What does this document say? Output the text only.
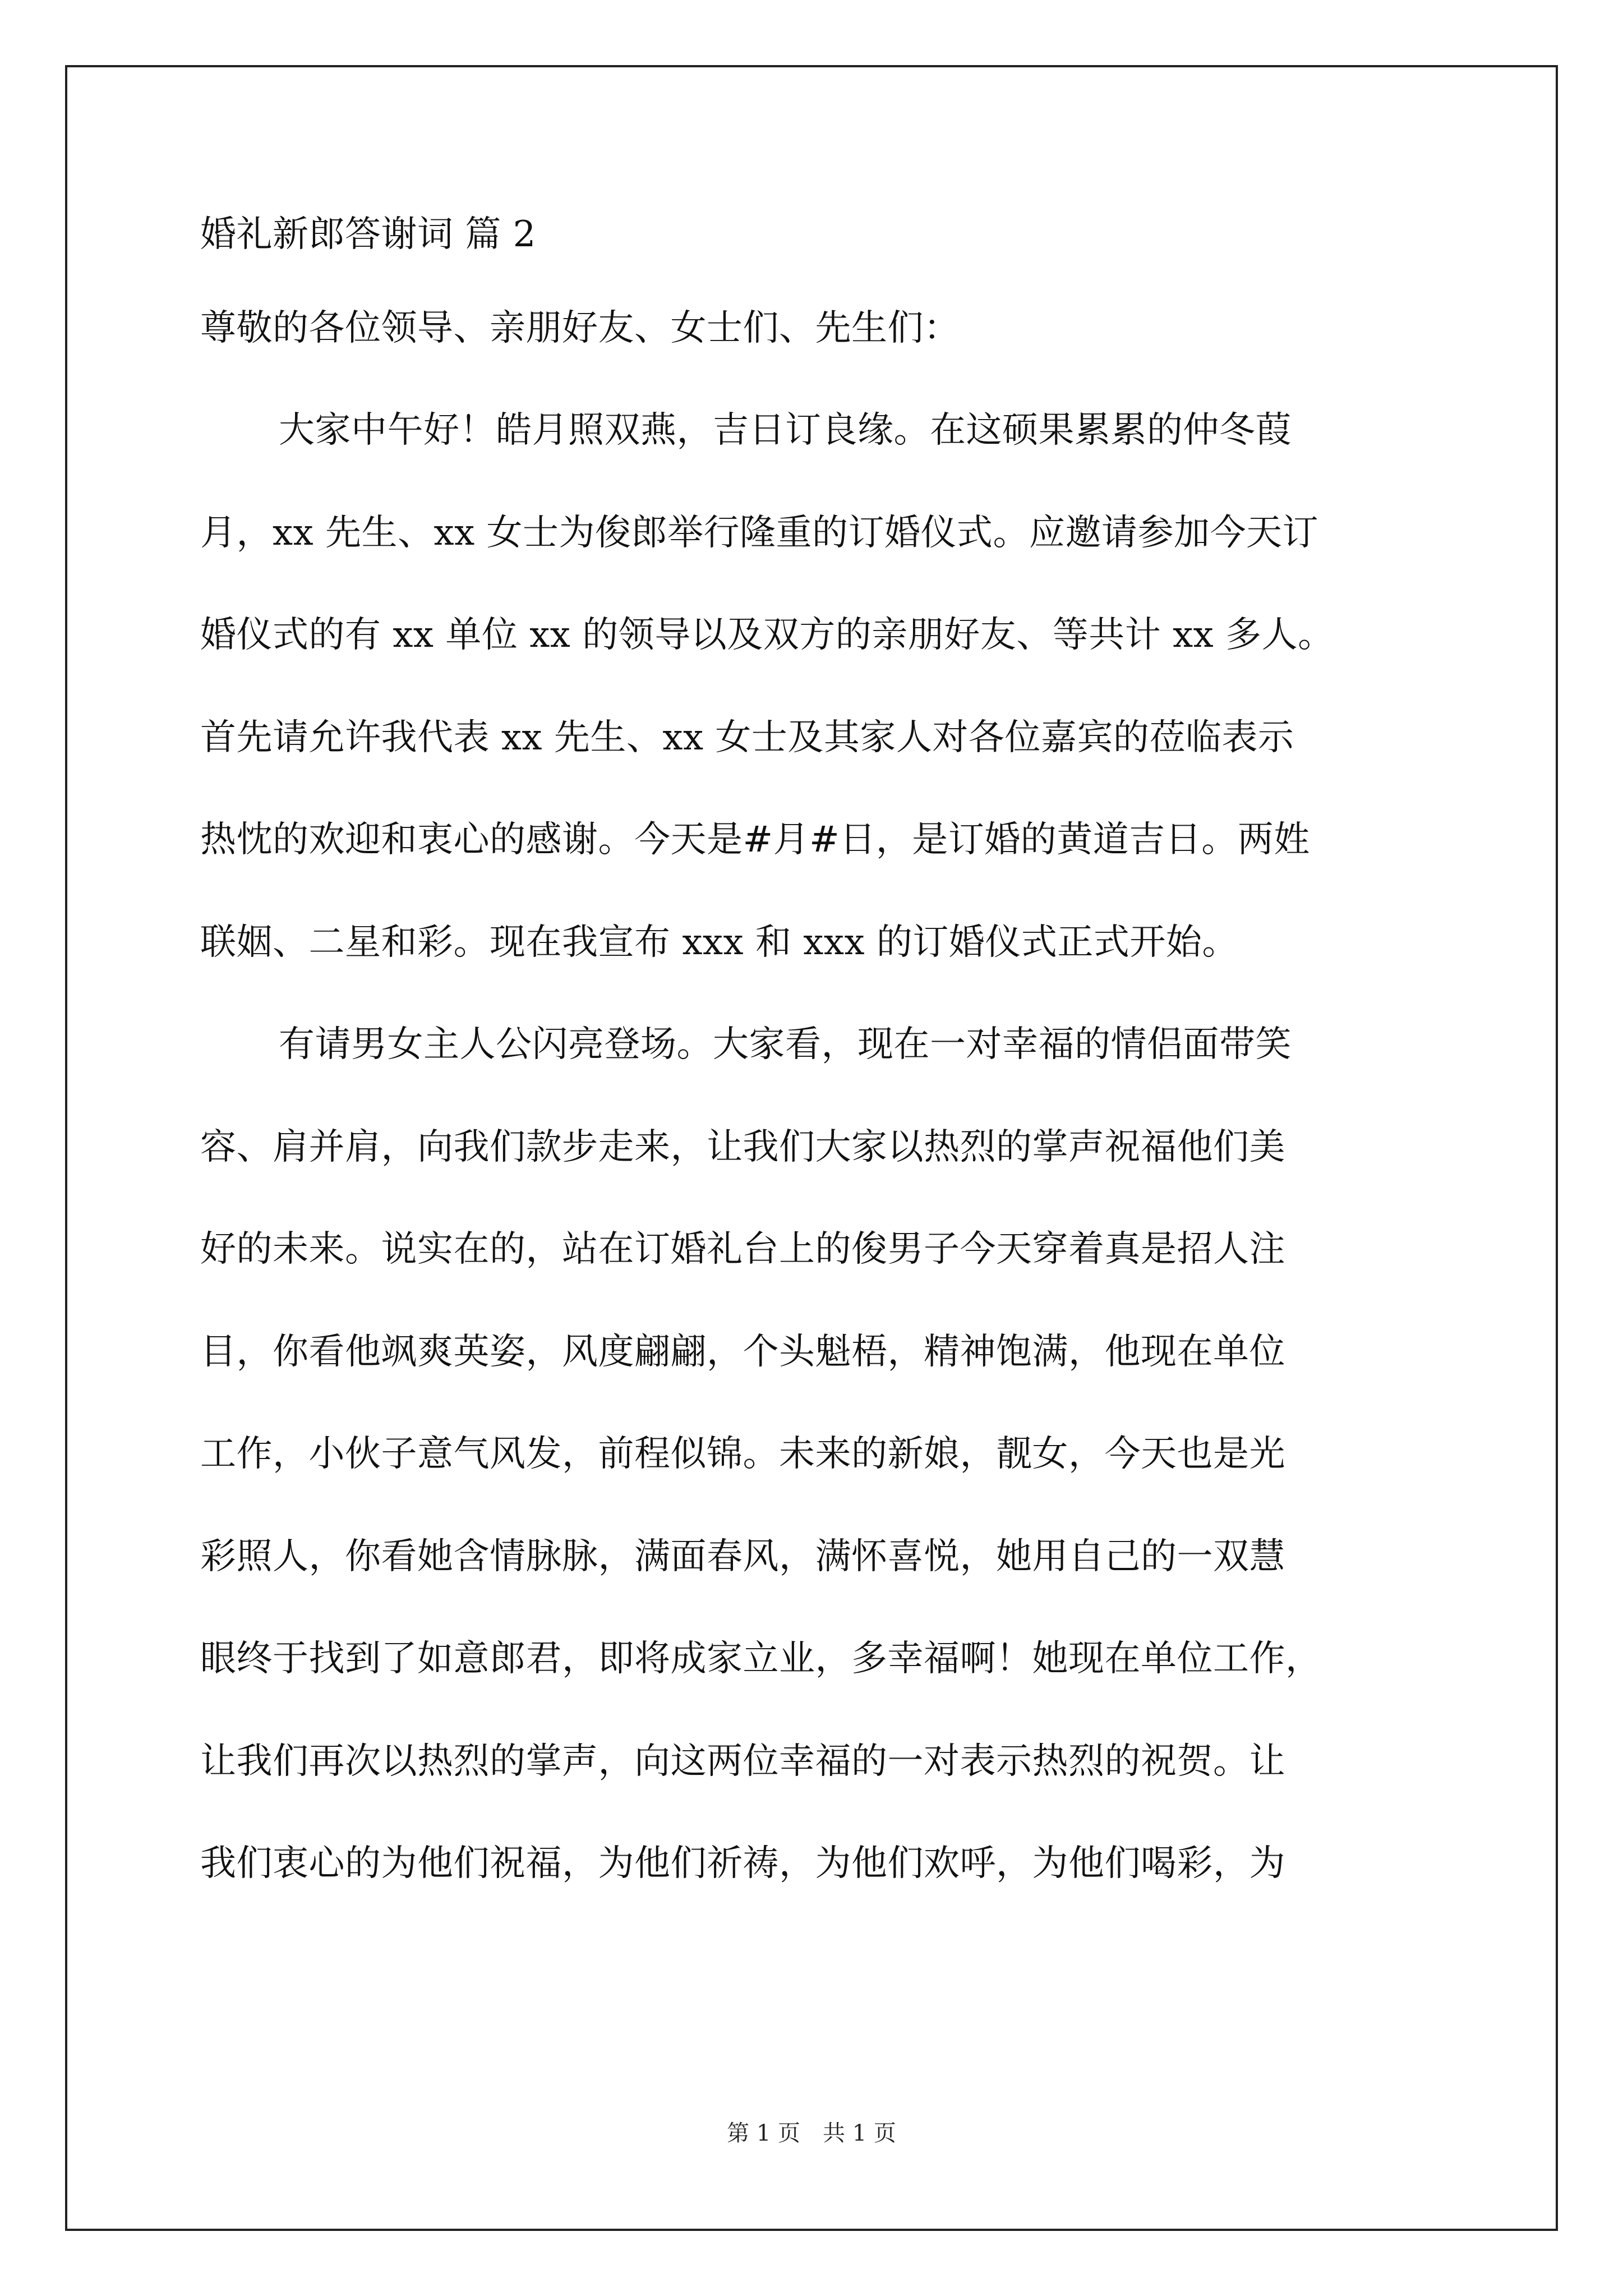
婚礼新郎答谢词 篇 2
尊敬的各位领导、亲朋好友、女士们、先生们：
大家中午好！皓月照双燕，吉日订良缘。在这硕果累累的仲冬葭
月，xx 先生、xx 女士为俊郎举行隆重的订婚仪式。应邀请参加今天订
婚仪式的有 xx 单位 xx 的领导以及双方的亲朋好友、等共计 xx 多人。
首先请允许我代表 xx 先生、xx 女士及其家人对各位嘉宾的莅临表示
热忱的欢迎和衷心的感谢。今天是#月#日，是订婚的黄道吉日。两姓
联姻、二星和彩。现在我宣布 xxx 和 xxx 的订婚仪式正式开始。
有请男女主人公闪亮登场。大家看，现在一对幸福的情侣面带笑
容、肩并肩，向我们款步走来，让我们大家以热烈的掌声祝福他们美
好的未来。说实在的，站在订婚礼台上的俊男子今天穿着真是招人注
目，你看他飒爽英姿，风度翩翩，个头魁梧，精神饱满，他现在单位
工作，小伙子意气风发，前程似锦。未来的新娘，靓女，今天也是光
彩照人，你看她含情脉脉，满面春风，满怀喜悦，她用自己的一双慧
眼终于找到了如意郎君，即将成家立业，多幸福啊！她现在单位工作，
让我们再次以热烈的掌声，向这两位幸福的一对表示热烈的祝贺。让
我们衷心的为他们祝福，为他们祈祷，为他们欢呼，为他们喝彩，为
第 1 页　共 1 页
